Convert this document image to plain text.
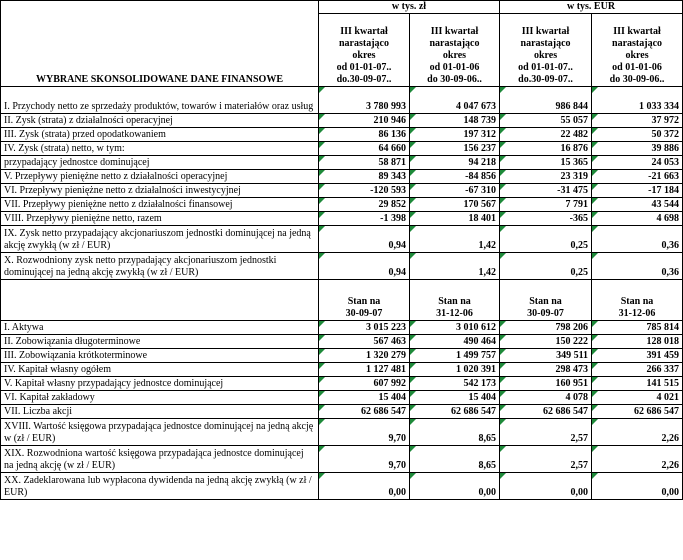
WYBRANE SKONSOLIDOWANE DANE FINANSOWE	w tys. zł		w tys. EUR	

	III kwartał
narastająco
okres
od 01-01-07..
do.30-09-07..	III kwartał
narastająco
okres
od 01-01-06
do 30-09-06..	III kwartał
narastająco
okres
od 01-01-07..
do.30-09-07..	III kwartał
narastająco
okres
od 01-01-06
do 30-09-06..

I. Przychody netto ze sprzedaży produktów, towarów i materiałów oraz usług	3 780 993	4 047 673	986 844	1 033 334
II. Zysk (strata) z działalności operacyjnej	210 946	148 739	55 057	37 972
III. Zysk (strata) przed opodatkowaniem	86 136	197 312	22 482	50 372
IV. Zysk (strata) netto, w tym:	64 660	156 237	16 876	39 886
przypadający jednostce dominującej	58 871	94 218	15 365	24 053
V. Przepływy pieniężne netto z działalności operacyjnej	89 343	-84 856	23 319	-21 663
VI. Przepływy pieniężne netto z działalności inwestycyjnej	-120 593	-67 310	-31 475	-17 184
VII. Przepływy pieniężne netto z działalności finansowej	29 852	170 567	7 791	43 544
VIII. Przepływy pieniężne netto, razem	-1 398	18 401	-365	4 698
IX. Zysk netto przypadający akcjonariuszom jednostki dominującej na jedną akcję zwykłą (w zł / EUR)	0,94	1,42	0,25	0,36
X. Rozwodniony zysk netto przypadający akcjonariuszom jednostki dominującej na jedną akcję zwykłą (w zł / EUR)	0,94	1,42	0,25	0,36

	Stan na
30-09-07	Stan na
31-12-06	Stan na
30-09-07	Stan na
31-12-06

I. Aktywa	3 015 223	3 010 612	798 206	785 814
II. Zobowiązania długoterminowe	567 463	490 464	150 222	128 018
III. Zobowiązania krótkoterminowe	1 320 279	1 499 757	349 511	391 459
IV. Kapitał własny ogółem	1 127 481	1 020 391	298 473	266 337
V. Kapitał własny przypadający jednostce dominującej	607 992	542 173	160 951	141 515
VI. Kapitał zakładowy	15 404	15 404	4 078	4 021
VII. Liczba akcji	62 686 547	62 686 547	62 686 547	62 686 547
XVIII. Wartość księgowa przypadająca jednostce dominującej na jedną akcję w (zł / EUR)	9,70	8,65	2,57	2,26
XIX. Rozwodniona wartość księgowa przypadająca jednostce dominującej na jedną akcję (w zł / EUR)	9,70	8,65	2,57	2,26
XX. Zadeklarowana lub wypłacona dywidenda na jedną akcję zwykłą (w zł / EUR)	0,00	0,00	0,00	0,00
